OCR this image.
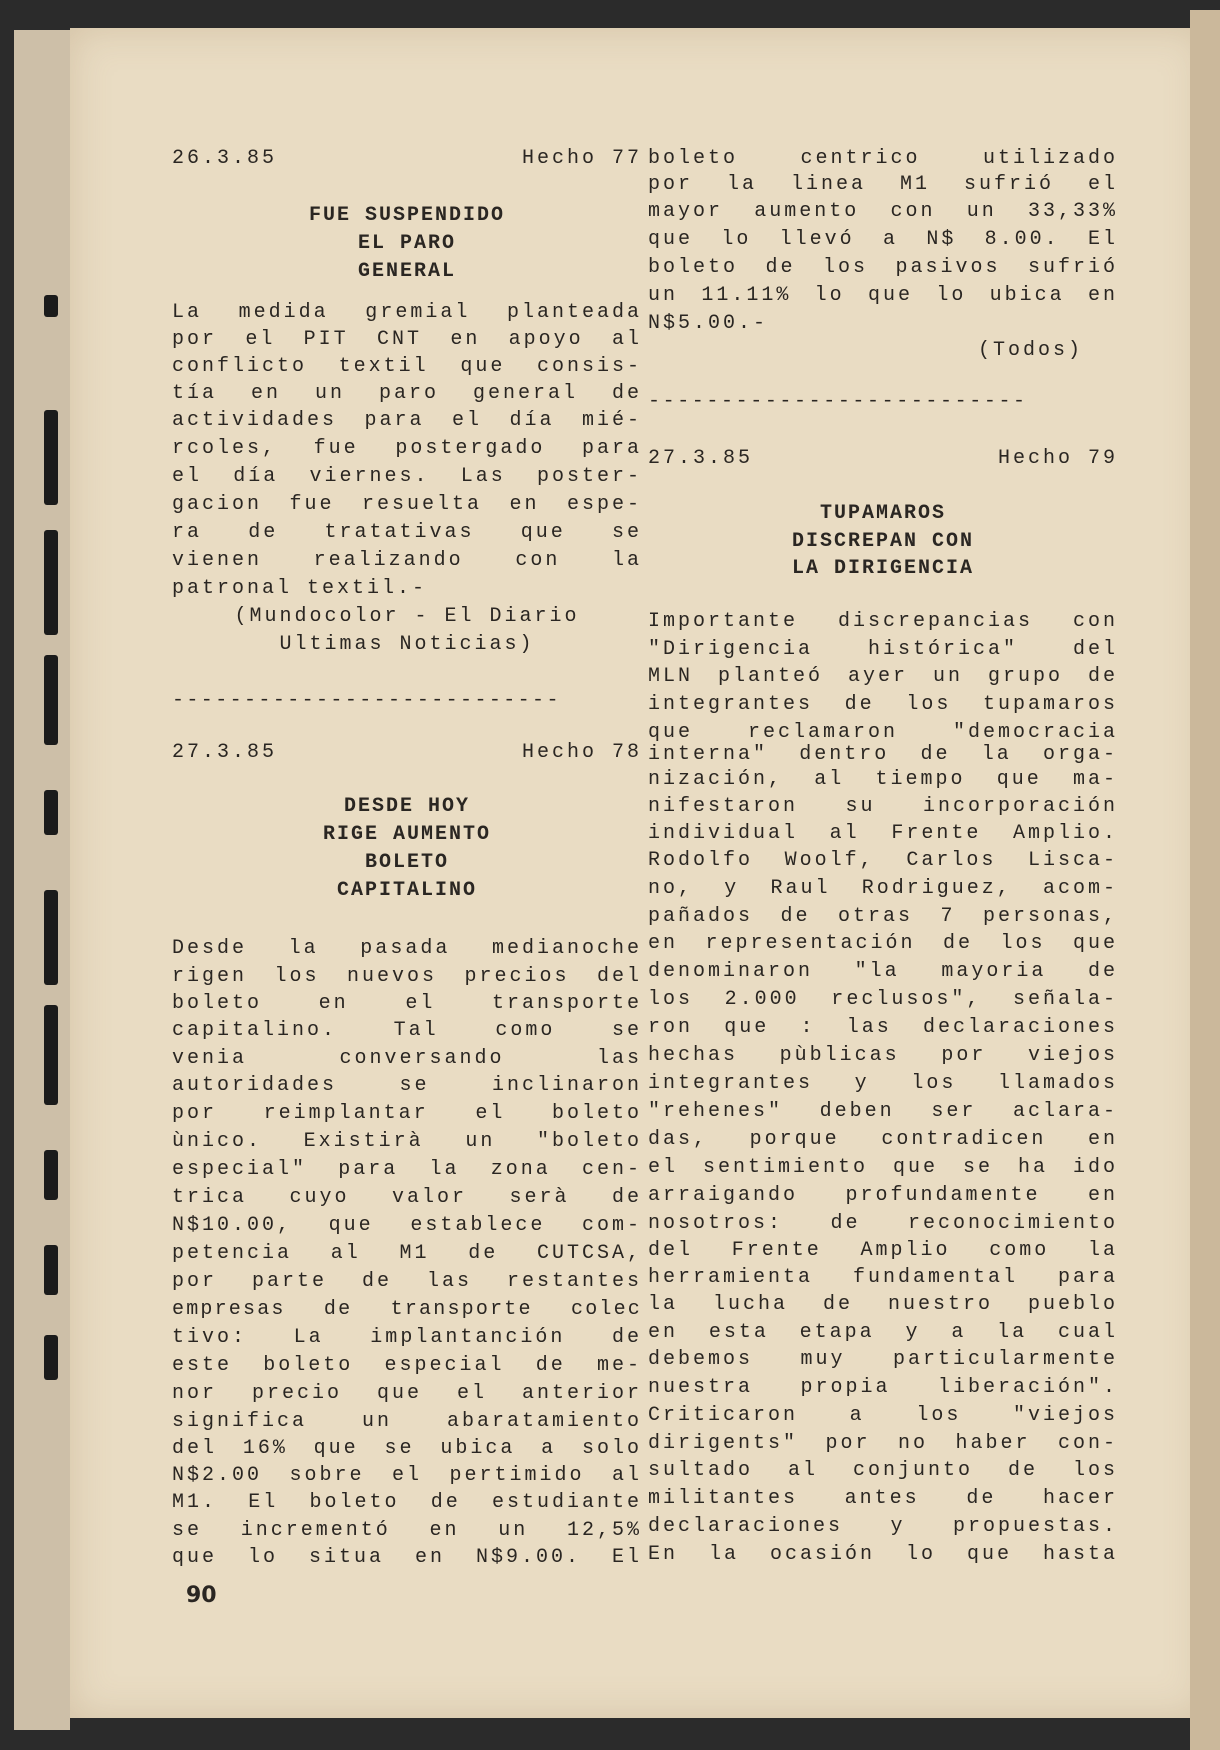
26.3.85	Hecho 77
FUE SUSPENDIDO
EL PARO
GENERAL
La medida gremial planteada
por el PIT CNT en apoyo al
conflicto textil que consis-
tía en un paro general de
actividades para el día mié-
rcoles, fue postergado para
el día viernes. Las poster-
gacion fue resuelta en espe-
ra de tratativas que se
vienen realizando con la
patronal textil.-
(Mundocolor - El Diario
Ultimas Noticias)
---------------------------
27.3.85	Hecho 78
DESDE HOY
RIGE AUMENTO
BOLETO
CAPITALINO
Desde la pasada medianoche
rigen los nuevos precios del
boleto en el transporte
capitalino. Tal como se
venia conversando las
autoridades se inclinaron
por reimplantar el boleto
ùnico. Existirà un "boleto
especial" para la zona cen-
trica cuyo valor serà de
N$10.00, que establece com-
petencia al M1 de CUTCSA,
por parte de las restantes
empresas de transporte colec
tivo: La implantanción de
este boleto especial de me-
nor precio que el anterior
significa un abaratamiento
del 16% que se ubica a solo
N$2.00 sobre el pertimido al
M1. El boleto de estudiante
se incrementó en un 12,5%
que lo situa en N$9.00. El
boleto centrico utilizado
por la linea M1 sufrió el
mayor aumento con un 33,33%
que lo llevó a N$ 8.00. El
boleto de los pasivos sufrió
un 11.11% lo que lo ubica en
N$5.00.-
(Todos)
--------------------------
27.3.85	Hecho 79
TUPAMAROS
DISCREPAN CON
LA DIRIGENCIA
Importante discrepancias con
"Dirigencia histórica" del
MLN planteó ayer un grupo de
integrantes de los tupamaros
que reclamaron "democracia
interna" dentro de la orga-
nización, al tiempo que ma-
nifestaron su incorporación
individual al Frente Amplio.
Rodolfo Woolf, Carlos Lisca-
no, y Raul Rodriguez, acom-
pañados de otras 7 personas,
en representación de los que
denominaron "la mayoria de
los 2.000 reclusos", señala-
ron que : las declaraciones
hechas pùblicas por viejos
integrantes y los llamados
"rehenes" deben ser aclara-
das, porque contradicen en
el sentimiento que se ha ido
arraigando profundamente en
nosotros: de reconocimiento
del Frente Amplio como la
herramienta fundamental para
la lucha de nuestro pueblo
en esta etapa y a la cual
debemos muy particularmente
nuestra propia liberación".
Criticaron a los "viejos
dirigents" por no haber con-
sultado al conjunto de los
militantes antes de hacer
declaraciones y propuestas.
En la ocasión lo que hasta
90
